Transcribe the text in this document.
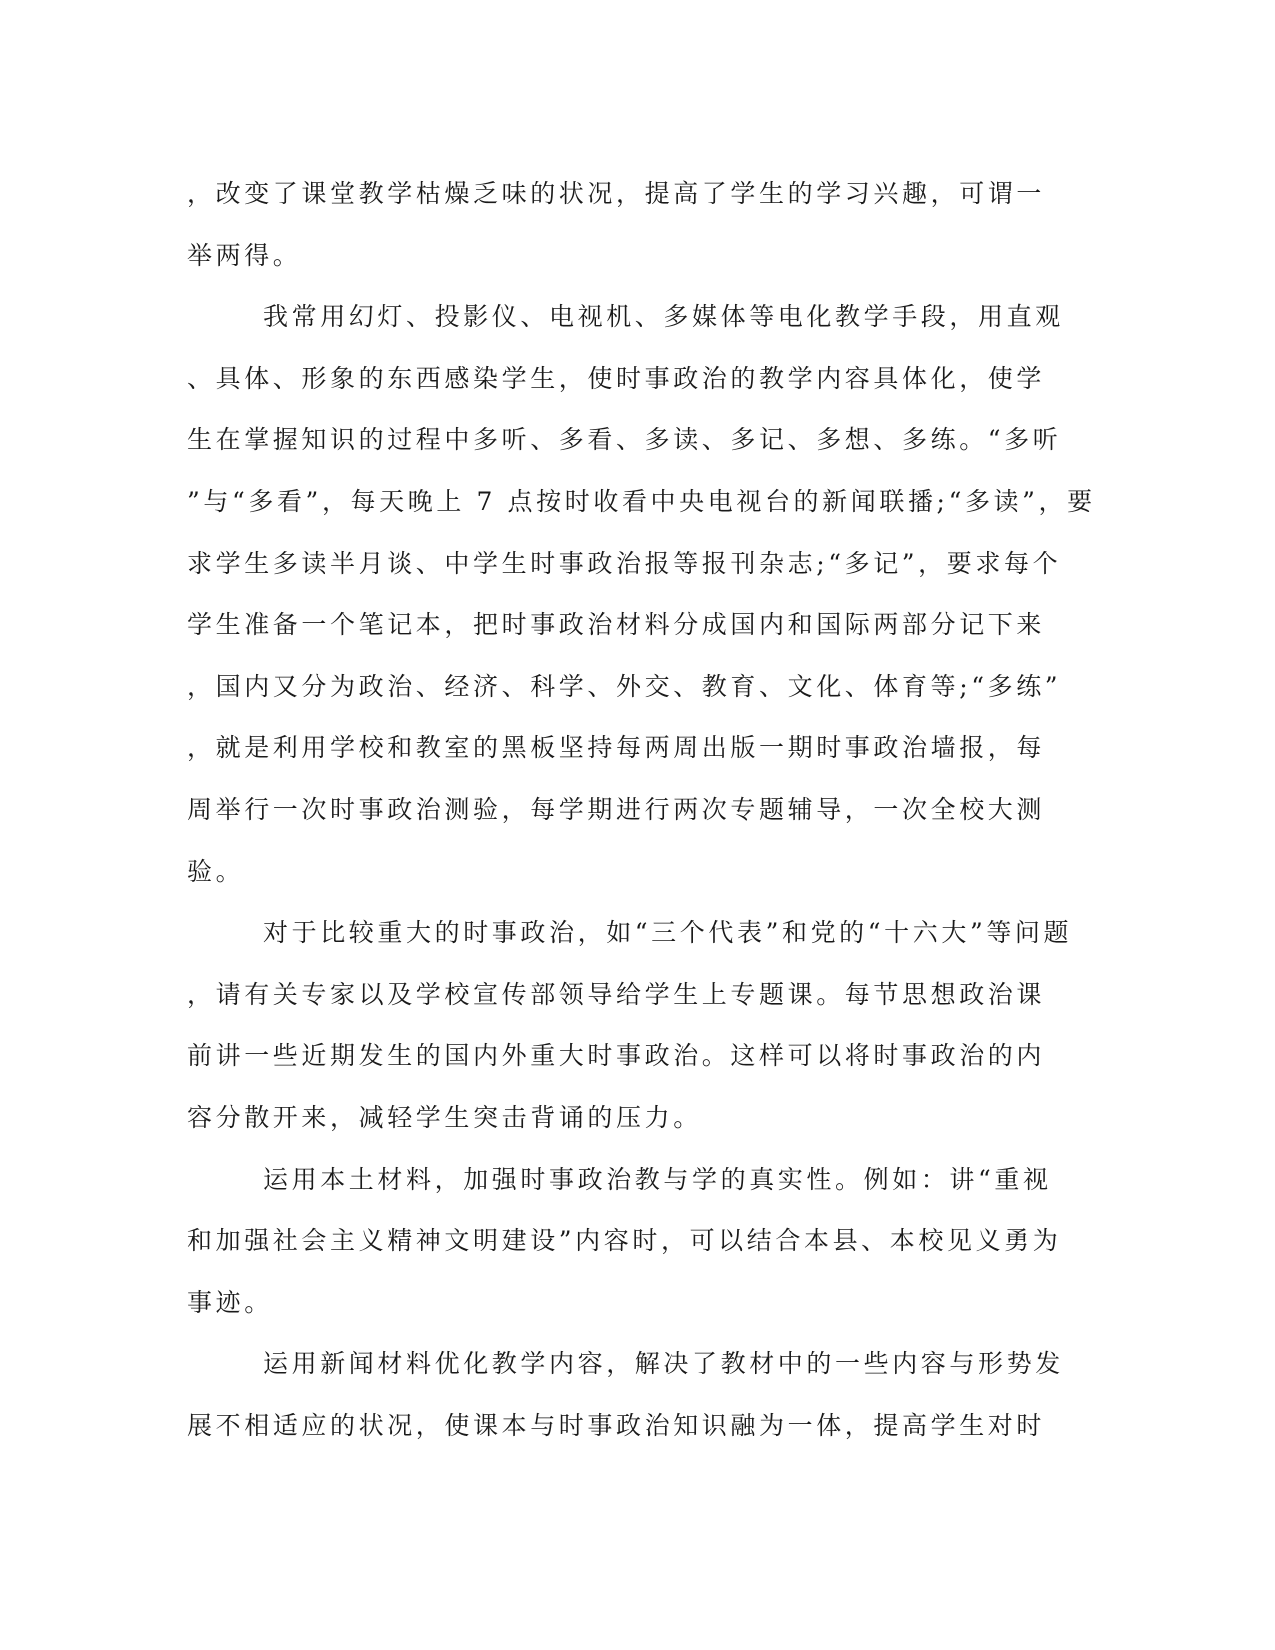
，改变了课堂教学枯燥乏味的状况，提高了学生的学习兴趣，可谓一
举两得。
我常用幻灯、投影仪、电视机、多媒体等电化教学手段，用直观
、具体、形象的东西感染学生，使时事政治的教学内容具体化，使学
生在掌握知识的过程中多听、多看、多读、多记、多想、多练。“多听
”与“多看”，每天晚上 7 点按时收看中央电视台的新闻联播;“多读”，要
求学生多读半月谈、中学生时事政治报等报刊杂志;“多记”，要求每个
学生准备一个笔记本，把时事政治材料分成国内和国际两部分记下来
，国内又分为政治、经济、科学、外交、教育、文化、体育等;“多练”
，就是利用学校和教室的黑板坚持每两周出版一期时事政治墙报，每
周举行一次时事政治测验，每学期进行两次专题辅导，一次全校大测
验。
对于比较重大的时事政治，如“三个代表”和党的“十六大”等问题
，请有关专家以及学校宣传部领导给学生上专题课。每节思想政治课
前讲一些近期发生的国内外重大时事政治。这样可以将时事政治的内
容分散开来，减轻学生突击背诵的压力。
运用本土材料，加强时事政治教与学的真实性。例如：讲“重视
和加强社会主义精神文明建设”内容时，可以结合本县、本校见义勇为
事迹。
运用新闻材料优化教学内容，解决了教材中的一些内容与形势发
展不相适应的状况，使课本与时事政治知识融为一体，提高学生对时
